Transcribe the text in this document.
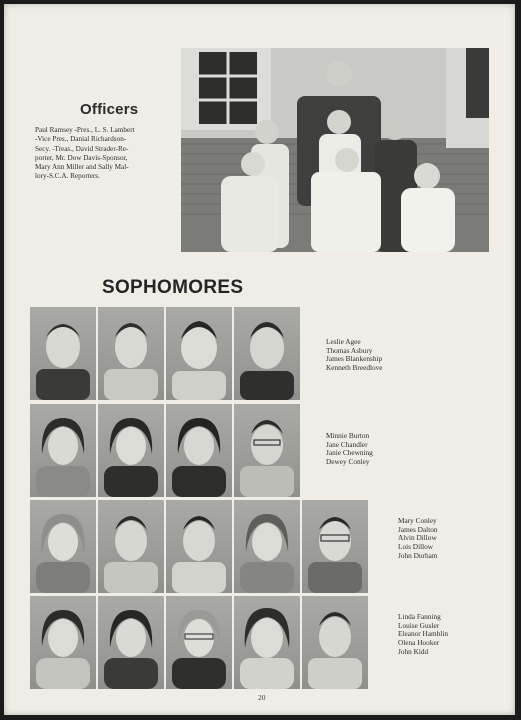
Officers
Paul Ramsey -Pres., L. S. Lambert
-Vice Pres., Danial Richardson-
Secy. -Treas., David Strader-Re-
porter, Mr. Dow Davis-Sponsor,
Mary Ann Miller and Sally Mal-
lory-S.C.A. Reporters.
SOPHOMORES
Leslie Agee
Thomas Asbury
James Blankenship
Kenneth Breedlove
Minnie Burton
Jane Chandler
Janie Chewning
Dewey Conley
Mary Conley
James Dalton
Alvin Dillow
Lois Dillow
John Durham
Linda Fanning
Louise Gusler
Eleanor Hamblin
Olena Hooker
John Kidd
20
